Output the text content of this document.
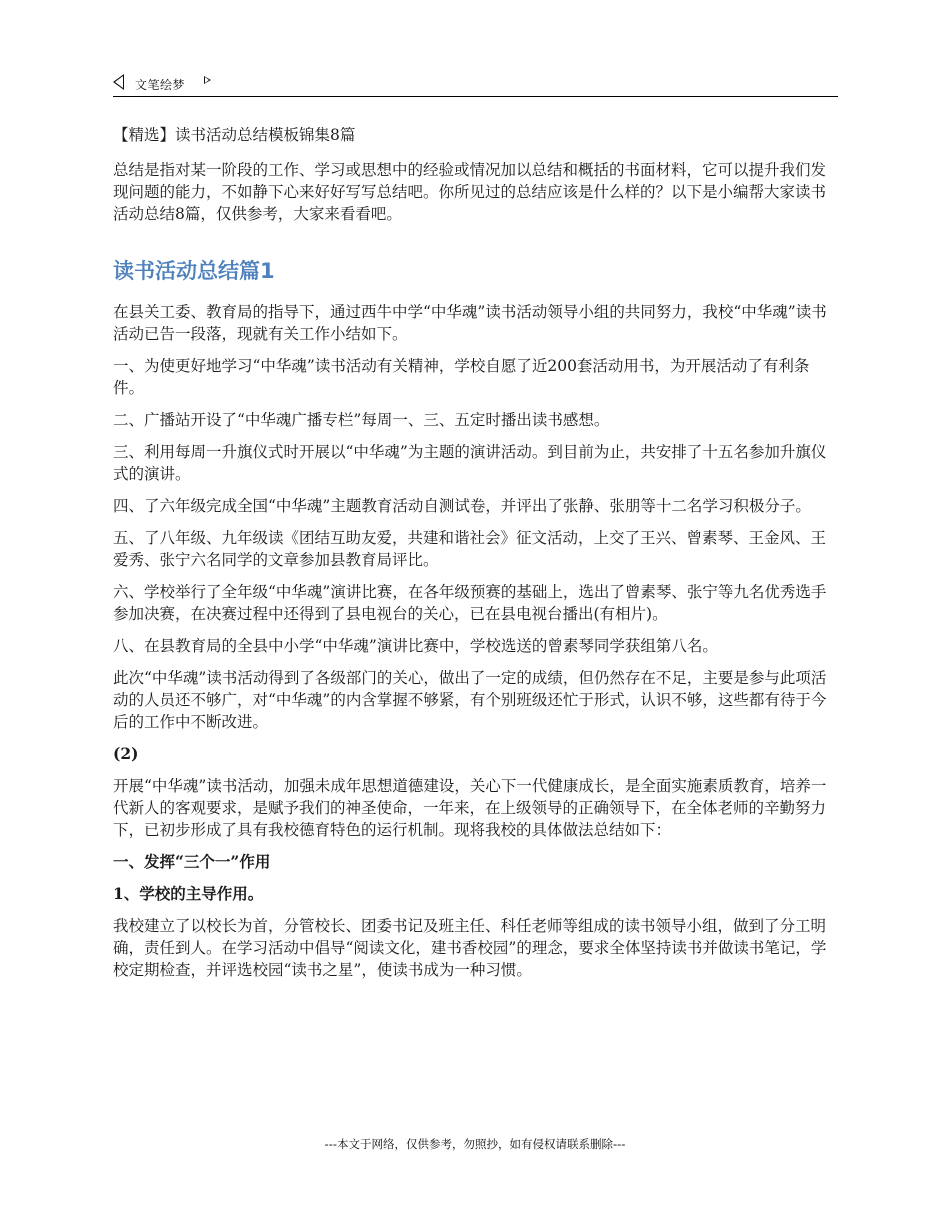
文笔绘梦

【精选】读书活动总结模板锦集8篇

总结是指对某一阶段的工作、学习或思想中的经验或情况加以总结和概括的书面材料，它可以提升我们发现问题的能力，不如静下心来好好写写总结吧。你所见过的总结应该是什么样的？以下是小编帮大家读书活动总结8篇，仅供参考，大家来看看吧。

读书活动总结篇1

在县关工委、教育局的指导下，通过西牛中学“中华魂”读书活动领导小组的共同努力，我校“中华魂”读书活动已告一段落，现就有关工作小结如下。

一、为使更好地学习“中华魂”读书活动有关精神，学校自愿了近200套活动用书，为开展活动了有利条件。

二、广播站开设了“中华魂广播专栏”每周一、三、五定时播出读书感想。

三、利用每周一升旗仪式时开展以“中华魂”为主题的演讲活动。到目前为止，共安排了十五名参加升旗仪式的演讲。

四、了六年级完成全国“中华魂”主题教育活动自测试卷，并评出了张静、张朋等十二名学习积极分子。

五、了八年级、九年级读《团结互助友爱，共建和谐社会》征文活动，上交了王兴、曾素琴、王金风、王爱秀、张宁六名同学的文章参加县教育局评比。

六、学校举行了全年级“中华魂”演讲比赛，在各年级预赛的基础上，选出了曾素琴、张宁等九名优秀选手参加决赛，在决赛过程中还得到了县电视台的关心，已在县电视台播出(有相片)。

八、在县教育局的全县中小学“中华魂”演讲比赛中，学校选送的曾素琴同学获组第八名。

此次“中华魂”读书活动得到了各级部门的关心，做出了一定的成绩，但仍然存在不足，主要是参与此项活动的人员还不够广，对“中华魂”的内含掌握不够紧，有个别班级还忙于形式，认识不够，这些都有待于今后的工作中不断改进。

(2)

开展“中华魂”读书活动，加强未成年思想道德建设，关心下一代健康成长，是全面实施素质教育，培养一代新人的客观要求，是赋予我们的神圣使命，一年来，在上级领导的正确领导下，在全体老师的辛勤努力下，已初步形成了具有我校德育特色的运行机制。现将我校的具体做法总结如下：

一、发挥“三个一”作用

1、学校的主导作用。

我校建立了以校长为首，分管校长、团委书记及班主任、科任老师等组成的读书领导小组，做到了分工明确，责任到人。在学习活动中倡导“阅读文化，建书香校园”的理念，要求全体坚持读书并做读书笔记，学校定期检查，并评选校园“读书之星”，使读书成为一种习惯。

---本文于网络，仅供参考，勿照抄，如有侵权请联系删除---
